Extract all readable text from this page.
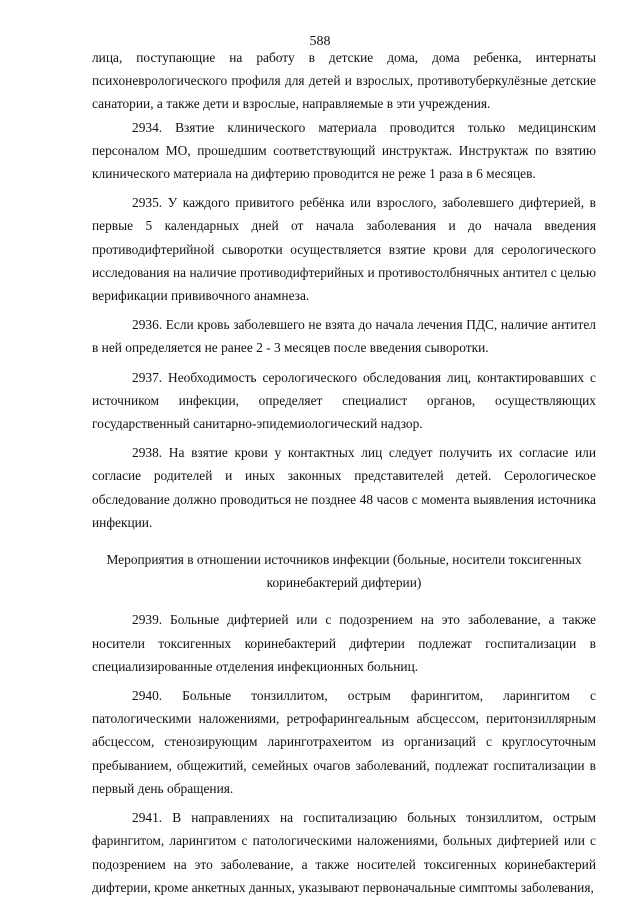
588

лица, поступающие на работу в детские дома, дома ребенка, интернаты психоневрологического профиля для детей и взрослых, противотуберкулёзные детские санатории, а также дети и взрослые, направляемые в эти учреждения.

2934. Взятие клинического материала проводится только медицинским персоналом МО, прошедшим соответствующий инструктаж. Инструктаж по взятию клинического материала на дифтерию проводится не реже 1 раза в 6 месяцев.

2935. У каждого привитого ребёнка или взрослого, заболевшего дифтерией, в первые 5 календарных дней от начала заболевания и до начала введения противодифтерийной сыворотки осуществляется взятие крови для серологического исследования на наличие противодифтерийных и противостолбнячных антител с целью верификации прививочного анамнеза.

2936. Если кровь заболевшего не взята до начала лечения ПДС, наличие антител в ней определяется не ранее 2 - 3 месяцев после введения сыворотки.

2937. Необходимость серологического обследования лиц, контактировавших с источником инфекции, определяет специалист органов, осуществляющих государственный санитарно-эпидемиологический надзор.

2938. На взятие крови у контактных лиц следует получить их согласие или согласие родителей и иных законных представителей детей. Серологическое обследование должно проводиться не позднее 48 часов с момента выявления источника инфекции.

Мероприятия в отношении источников инфекции (больные, носители токсигенных коринебактерий дифтерии)

2939. Больные дифтерией или с подозрением на это заболевание, а также носители токсигенных коринебактерий дифтерии подлежат госпитализации в специализированные отделения инфекционных больниц.

2940. Больные тонзиллитом, острым фарингитом, ларингитом с патологическими наложениями, ретрофарингеальным абсцессом, перитонзиллярным абсцессом, стенозирующим ларинготрахеитом из организаций с круглосуточным пребыванием, общежитий, семейных очагов заболеваний, подлежат госпитализации в первый день обращения.

2941. В направлениях на госпитализацию больных тонзиллитом, острым фарингитом, ларингитом с патологическими наложениями, больных дифтерией или с подозрением на это заболевание, а также носителей токсигенных коринебактерий дифтерии, кроме анкетных данных, указывают первоначальные симптомы заболевания,
